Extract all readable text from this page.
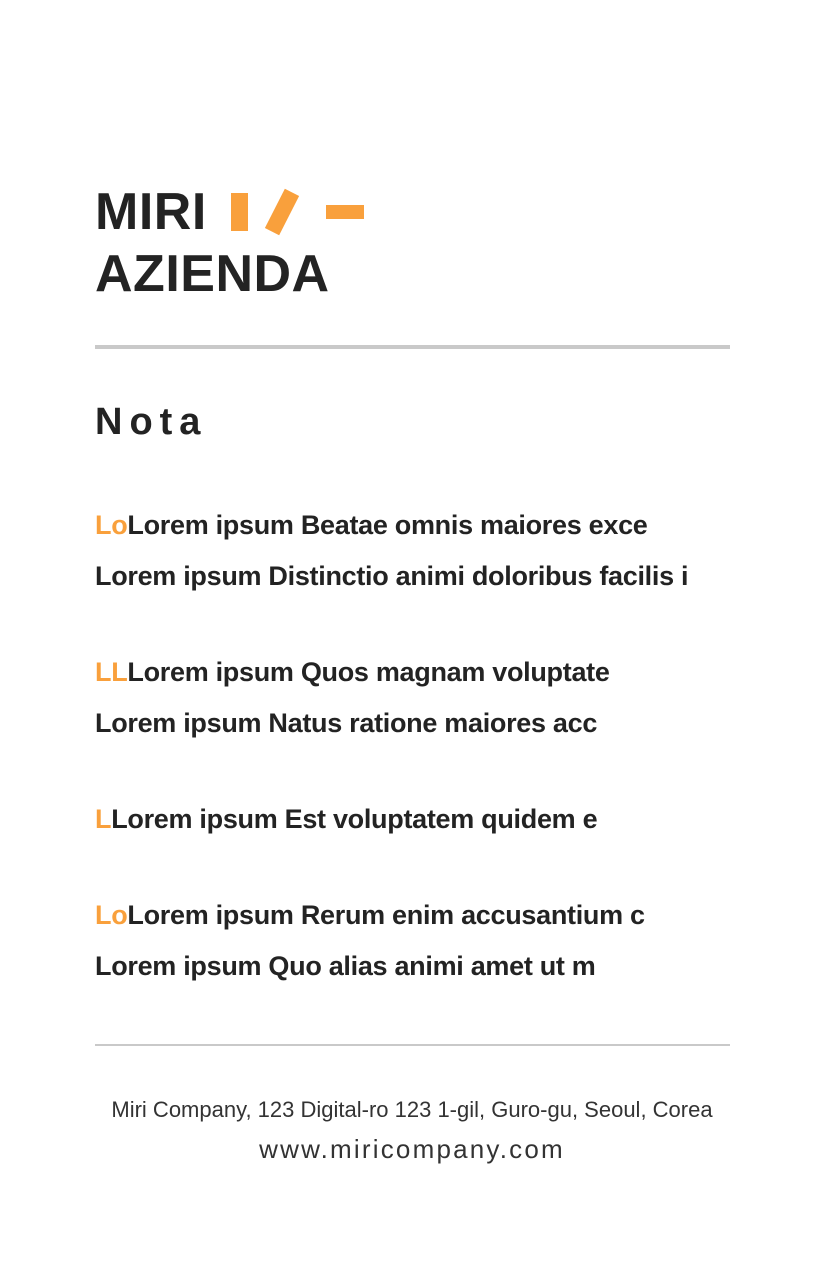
MIRI
AZIENDA
Nota
LoLorem ipsum Beatae omnis maiores exce
Lorem ipsum Distinctio animi doloribus facilis i
LLLorem ipsum Quos magnam voluptate
Lorem ipsum Natus ratione maiores acc
LLorem ipsum Est voluptatem quidem e
LoLorem ipsum Rerum enim accusantium c
Lorem ipsum Quo alias animi amet ut m
Miri Company, 123 Digital-ro 123 1-gil, Guro-gu, Seoul, Corea
www.miricompany.com
